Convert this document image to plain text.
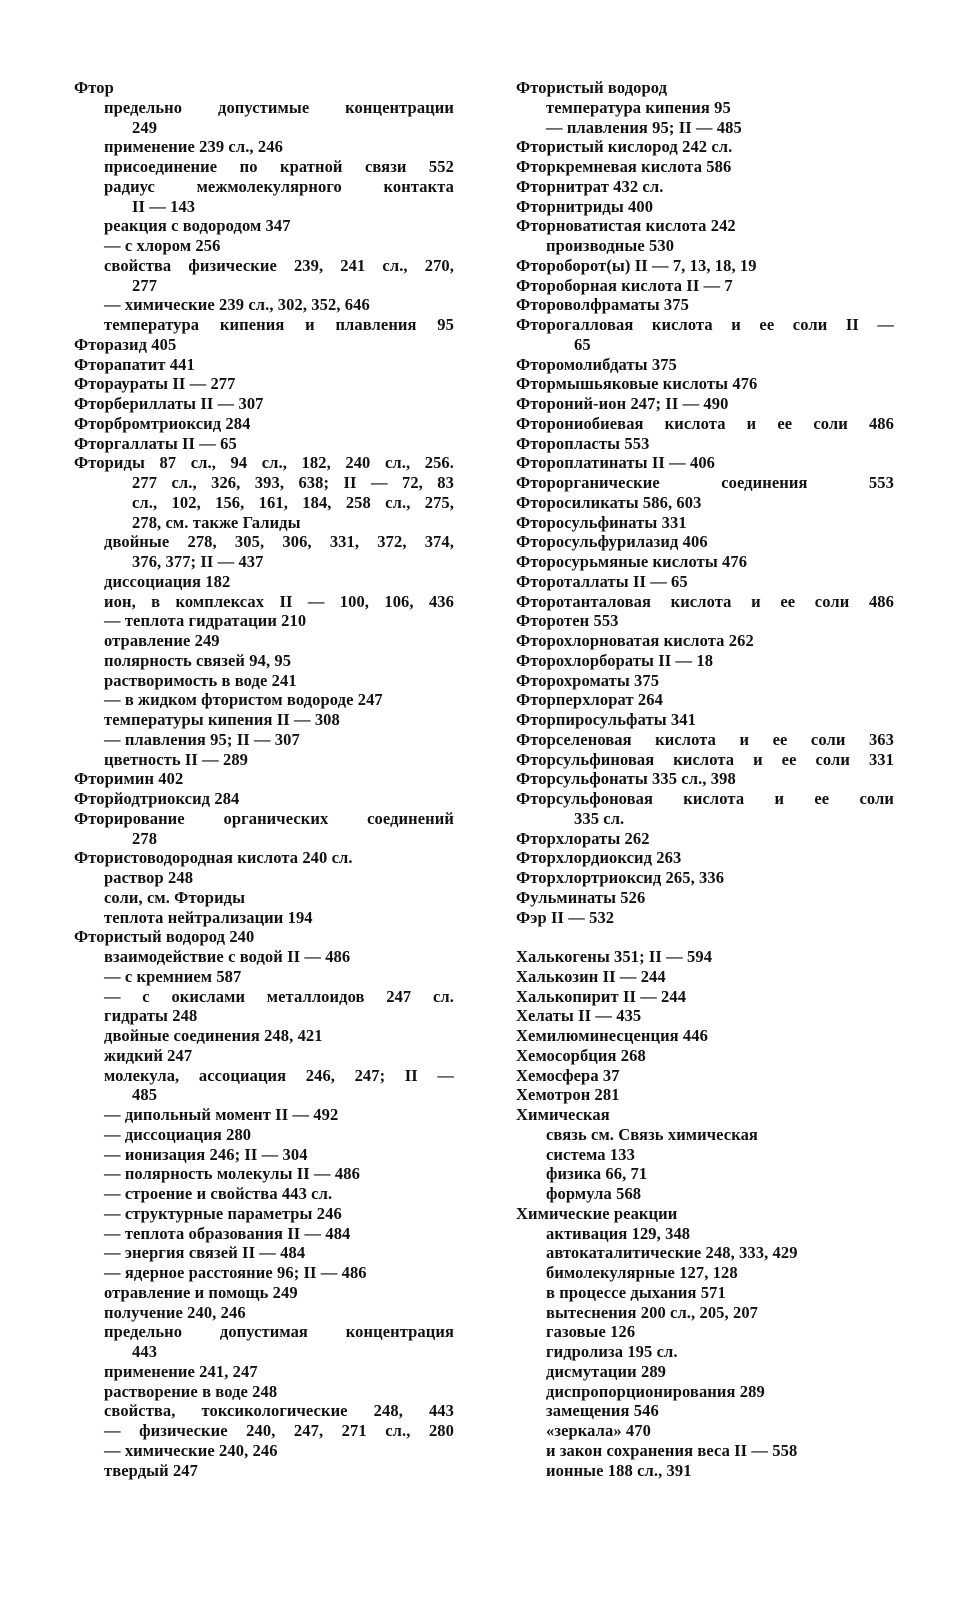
Фтор
предельно допустимые концентрации
249
применение 239 сл., 246
присоединение по кратной связи 552
радиус межмолекулярного контакта
II — 143
реакция с водородом 347
— с хлором 256
свойства физические 239, 241 сл., 270,
277
— химические 239 сл., 302, 352, 646
температура кипения и плавления 95
Фторазид 405
Фторапатит 441
Фтораураты II — 277
Фторбериллаты II — 307
Фторбромтриоксид 284
Фторгаллаты II — 65
Фториды 87 сл., 94 сл., 182, 240 сл., 256.
277 сл., 326, 393, 638; II — 72, 83
сл., 102, 156, 161, 184, 258 сл., 275,
278, см. также Галиды
двойные 278, 305, 306, 331, 372, 374,
376, 377; II — 437
диссоциация 182
ион, в комплексах II — 100, 106, 436
— теплота гидратации 210
отравление 249
полярность связей 94, 95
растворимость в воде 241
— в жидком фтористом водороде 247
температуры кипения II — 308
— плавления 95; II — 307
цветность II — 289
Фторимин 402
Фторйодтриоксид 284
Фторирование органических соединений
278
Фтористоводородная кислота 240 сл.
раствор 248
соли, см. Фториды
теплота нейтрализации 194
Фтористый водород 240
взаимодействие с водой II — 486
— с кремнием 587
— с окислами металлоидов 247 сл.
гидраты 248
двойные соединения 248, 421
жидкий 247
молекула, ассоциация 246, 247; II —
485
— дипольный момент II — 492
— диссоциация 280
— ионизация 246; II — 304
— полярность молекулы II — 486
— строение и свойства 443 сл.
— структурные параметры 246
— теплота образования II — 484
— энергия связей II — 484
— ядерное расстояние 96; II — 486
отравление и помощь 249
получение 240, 246
предельно допустимая концентрация
443
применение 241, 247
растворение в воде 248
свойства, токсикологические 248, 443
— физические 240, 247, 271 сл., 280
— химические 240, 246
твердый 247
Фтористый водород
температура кипения 95
— плавления 95; II — 485
Фтористый кислород 242 сл.
Фторкремневая кислота 586
Фторнитрат 432 сл.
Фторнитриды 400
Фторноватистая кислота 242
производные 530
Фтороборот(ы) II — 7, 13, 18, 19
Фтороборная кислота II — 7
Фтороволфраматы 375
Фторогалловая кислота и ее соли II —
65
Фторомолибдаты 375
Фтормышьяковые кислоты 476
Фтороний-ион 247; II — 490
Фторониобиевая кислота и ее соли 486
Фторопласты 553
Фтороплатинаты II — 406
Фторорганические соединения 553
Фторосиликаты 586, 603
Фторосульфинаты 331
Фторосульфурилазид 406
Фторосурьмяные кислоты 476
Фтороталлаты II — 65
Фторотанталовая кислота и ее соли 486
Фторотен 553
Фторохлорноватая кислота 262
Фторохлорбораты II — 18
Фторохроматы 375
Фторперхлорат 264
Фторпиросульфаты 341
Фторселеновая кислота и ее соли 363
Фторсульфиновая кислота и ее соли 331
Фторсульфонаты 335 сл., 398
Фторсульфоновая кислота и ее соли
335 сл.
Фторхлораты 262
Фторхлордиоксид 263
Фторхлортриоксид 265, 336
Фульминаты 526
Фэр II — 532
Халькогены 351; II — 594
Халькозин II — 244
Халькопирит II — 244
Хелаты II — 435
Хемилюминесценция 446
Хемосорбция 268
Хемосфера 37
Хемотрон 281
Химическая
связь см. Связь химическая
система 133
физика 66, 71
формула 568
Химические реакции
активация 129, 348
автокаталитические 248, 333, 429
бимолекулярные 127, 128
в процессе дыхания 571
вытеснения 200 сл., 205, 207
газовые 126
гидролиза 195 сл.
дисмутации 289
диспропорционирования 289
замещения 546
«зеркала» 470
и закон сохранения веса II — 558
ионные 188 сл., 391
